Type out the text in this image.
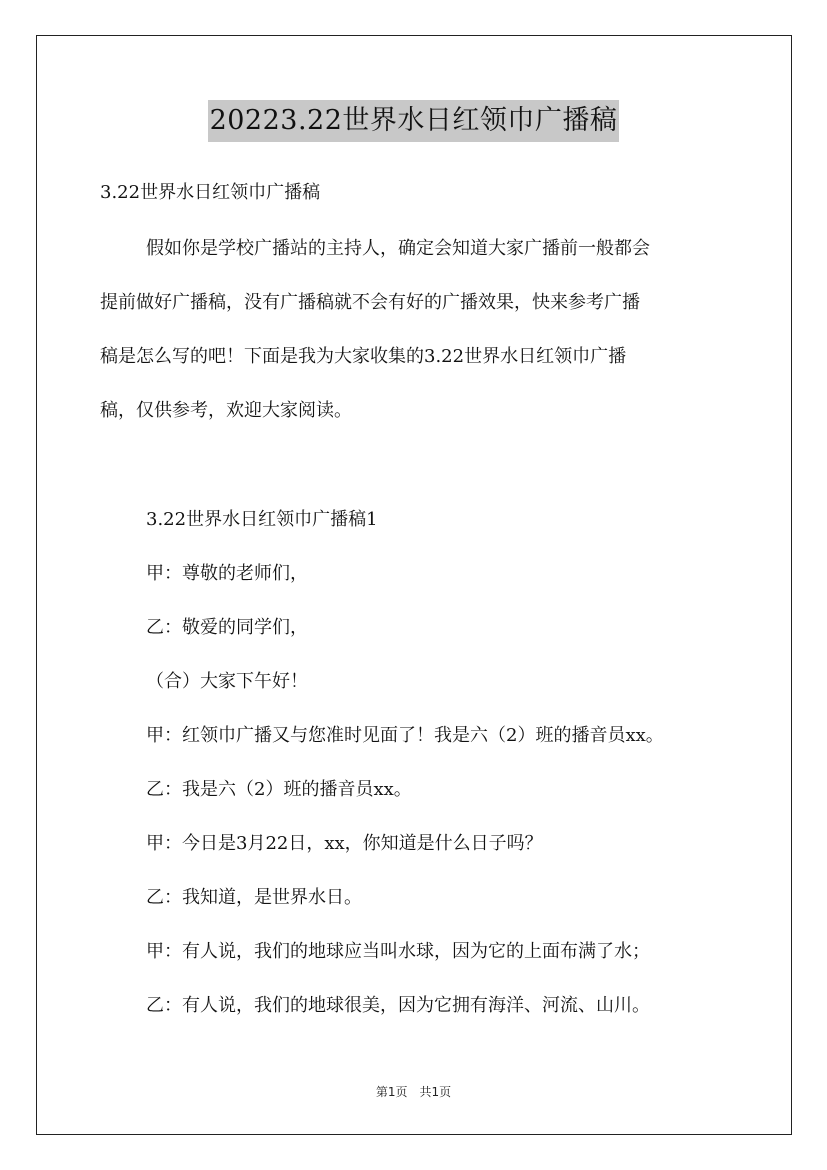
20223.22世界水日红领巾广播稿
3.22世界水日红领巾广播稿
假如你是学校广播站的主持人，确定会知道大家广播前一般都会
提前做好广播稿，没有广播稿就不会有好的广播效果，快来参考广播
稿是怎么写的吧！下面是我为大家收集的3.22世界水日红领巾广播
稿，仅供参考，欢迎大家阅读。
3.22世界水日红领巾广播稿1
甲：尊敬的老师们，
乙：敬爱的同学们，
（合）大家下午好！
甲：红领巾广播又与您准时见面了！我是六（2）班的播音员xx。
乙：我是六（2）班的播音员xx。
甲：今日是3月22日，xx，你知道是什么日子吗？
乙：我知道，是世界水日。
甲：有人说，我们的地球应当叫水球，因为它的上面布满了水；
乙：有人说，我们的地球很美，因为它拥有海洋、河流、山川。
第1页　共1页
